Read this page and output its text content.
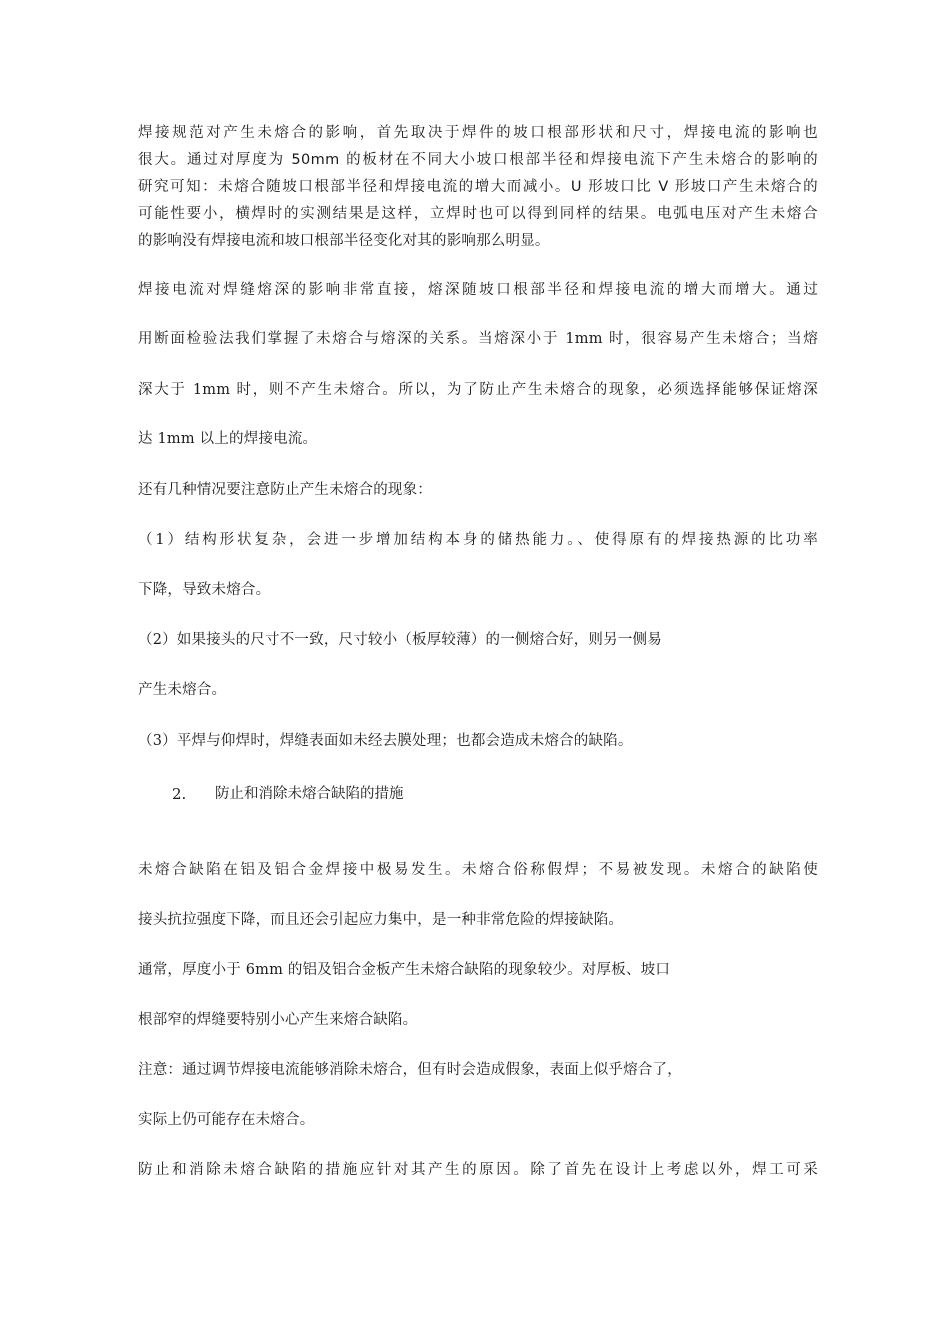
焊接规范对产生未熔合的影响，首先取决于焊件的坡口根部形状和尺寸，焊接电流的影响也
很大。通过对厚度为 50mm 的板材在不同大小坡口根部半径和焊接电流下产生未熔合的影响的
研究可知：未熔合随坡口根部半径和焊接电流的增大而减小。U 形坡口比 V 形坡口产生未熔合的
可能性要小，横焊时的实测结果是这样，立焊时也可以得到同样的结果。电弧电压对产生未熔合
的影响没有焊接电流和坡口根部半径变化对其的影响那么明显。
焊接电流对焊缝熔深的影响非常直接，熔深随坡口根部半径和焊接电流的增大而增大。通过
用断面检验法我们掌握了未熔合与熔深的关系。当熔深小于 1mm 时，很容易产生未熔合；当熔
深大于 1mm 时，则不产生未熔合。所以，为了防止产生未熔合的现象，必须选择能够保证熔深
达 1mm 以上的焊接电流。
还有几种情况要注意防止产生未熔合的现象：
（1）结构形状复杂，会进一步增加结构本身的储热能力。、使得原有的焊接热源的比功率
下降，导致未熔合。
（2）如果接头的尺寸不一致，尺寸较小（板厚较薄）的一侧熔合好，则另一侧易
产生未熔合。
（3）平焊与仰焊时，焊缝表面如未经去膜处理；也都会造成未熔合的缺陷。
2. 防止和消除未熔合缺陷的措施
未熔合缺陷在铝及铝合金焊接中极易发生。未熔合俗称假焊；不易被发现。未熔合的缺陷使
接头抗拉强度下降，而且还会引起应力集中，是一种非常危险的焊接缺陷。
通常，厚度小于 6mm 的铝及铝合金板产生未熔合缺陷的现象较少。对厚板、坡口
根部窄的焊缝要特别小心产生来熔合缺陷。
注意：通过调节焊接电流能够消除未熔合，但有时会造成假象，表面上似乎熔合了，
实际上仍可能存在未熔合。
防止和消除未熔合缺陷的措施应针对其产生的原因。除了首先在设计上考虑以外，焊工可采
